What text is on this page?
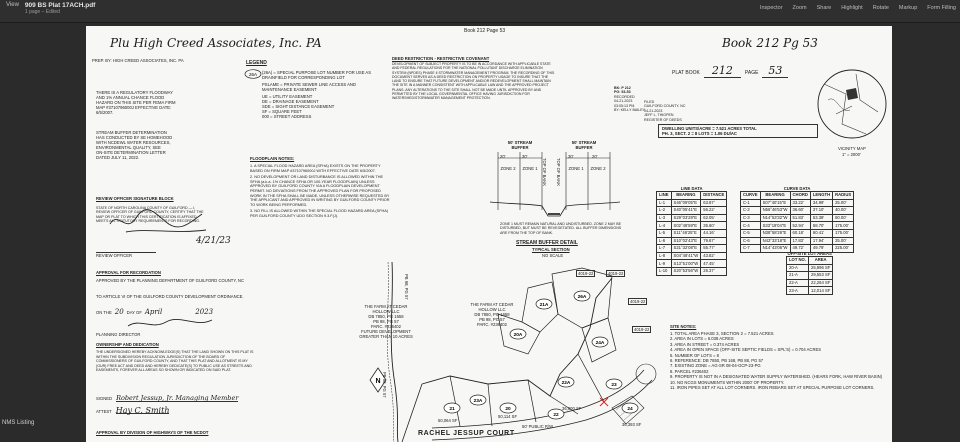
View 909 BS Plat 17ACH.pdf
1 page – Edited
Inspector Zoom Share Highlight Rotate Markup Form Filling
NMS Listing
Book 212 Page 53
Plu High Creed Associates, Inc. PA	Book 212 Pg 53
PREP. BY: HIGH CREED ASSOCIATES, INC. PA
THERE IS A REGULATORY FLOODWAY
AND 1% ANNUAL CHANCE FLOOD
HAZARD ON THIS SITE PER FEMA FIRM
MAP #3710796000J EFFECTIVE DATE:
6/5/2007.
STREAM BUFFER DETERMINATION
HAS CONDUCTED BY SE HOMEHOOD
WITH NCDEWL WATER RESOURCES,
ENVIRONMENTAL QUALITY, SEE
ON-SITE DETERMINATION LETTER
DATED JULY 11, 2022.
REVIEW OFFICER SIGNATURE BLOCK
STATE OF NORTH CAROLINA COUNTY OF GUILFORD — I, REVIEW OFFICER OF GUILFORD COUNTY, CERTIFY THAT THE MAP OR PLAT TO WHICH THIS CERTIFICATION IS AFFIXED MEETS ALL STATUTORY REQUIREMENTS FOR RECORDING.
4/21/23
REVIEW OFFICER
APPROVAL FOR RECORDATION
APPROVED BY THE PLANNING DEPARTMENT OF GUILFORD COUNTY, NC
TO ARTICLE VI OF THE GUILFORD COUNTY DEVELOPMENT ORDINANCE.
ON THE 20 DAY OF April	2023
PLANNING DIRECTOR
OWNERSHIP AND DEDICATION
THE UNDERSIGNED HEREBY ACKNOWLEDGE(S) THAT THE LAND SHOWN ON THIS PLAT IS WITHIN THE SUBDIVISION REGULATION JURISDICTION OF THE BOARD OF COMMISSIONERS OF GUILFORD COUNTY, AND THAT THIS PLAT AND ALLOTMENT IS MY (OUR) FREE ACT AND DEED AND HEREBY DEDICATE(S) TO PUBLIC USE AS STREETS AND EASEMENTS, FOREVER ALL AREAS SO SHOWN OR INDICATED ON SAID PLAT.
SIGNED Robert Jessup, Jr. Managing Member
ATTEST Hay C. Smith
APPROVAL BY DIVISION OF HIGHWAYS OF THE NCDOT
LEGEND
26A (26A) = SPECIAL PURPOSE LOT NUMBER FOR USE AS DRAINFIELD FOR CORRESPONDING LOT
PSLAME = PRIVATE SEWER LINE ACCESS AND MAINTENANCE EASEMENT
UE = UTILITY EASEMENT
DE = DRAINAGE EASEMENT
SDE = SIGHT DISTANCE EASEMENT
SF = SQUARE FEET
000 = STREET ADDRESS
FLOODPLAIN NOTES:
1. A SPECIAL FLOOD HAZARD AREA (SFHA) EXISTS ON THE PROPERTY BASED ON FIRM MAP #3710796000J WITH EFFECTIVE DATE 6/5/2007.
2. NO DEVELOPMENT OR LAND DISTURBANCE IS ALLOWED WITHIN THE SFHA (a.k.a. 1% CHANCE SFHA OR 100-YEAR FLOODPLAIN) UNLESS APPROVED BY GUILFORD COUNTY VIA A FLOODPLAIN DEVELOPMENT PERMIT. NO DEVIATIONS FROM THE APPROVED PLAN FOR PROPOSED WORK IN THE SFHA SHALL BE MADE, UNLESS OTHERWISE REQUESTED BY THE APPLICANT AND APPROVED IN WRITING BY GUILFORD COUNTY PRIOR TO WORK BEING PERFORMED.
3. NO FILL IS ALLOWED WITHIN THE SPECIAL FLOOD HAZARD AREA (SFHA) PER GUILFORD COUNTY UDO SECTION 9.3.F(J).
DEED RESTRICTION - RESTRICTIVE COVENANT
DEVELOPMENT OF SUBJECT PROPERTY IS TO BE IN ACCORDANCE WITH APPLICABLE STATE AND FEDERAL REGULATIONS FOR THE NATIONAL POLLUTANT DISCHARGE ELIMINATION SYSTEM (NPDES) PHASE II STORMWATER MANAGEMENT PROGRAM. THE RECORDING OF THIS DOCUMENT SERVES AS A DEED RESTRICTION ON PROPERTY USAGE TO INSURE THAT THE LAND TO ENSURE THAT FUTURE DEVELOPMENT AND/OR REDEVELOPMENT SHALL MAINTAIN THE SITE IN A MANNER CONSISTENT WITH APPLICABLE LAW AND THE APPROVED PROJECT PLANS. ANY ALTERATIONS TO THE SITE SHALL NOT BE MADE UNTIL APPROVED BY AND PERMITTED BY THE LOCAL GOVERNMENTAL OFFICE HAVING JURISDICTION FOR WATERSHED/STORMWATER MANAGEMENT PROTECTION.
BK: P 212
PG: 53-53
RECORDED
04-21-2023
03:05:13 PM
BY: KELLY BAILEY
FILED
GUILFORD COUNTY, NC
04-21-2023
JEFF L. THIGPEN
REGISTER OF DEEDS
PLAT BOOK	212	PAGE 53
DWELLING UNITS/ACRE = 7.521 ACRES TOTAL
PH. 3, SECT. 2 = 8 LOTS = 1.06 DU/AC
VICINITY MAP
1" = 2000'
50' STREAM BUFFER
50' STREAM BUFFER
20'	30'	30'	20'
ZONE 2 ZONE 1	ZONE 1 ZONE 2
TOP OF BANK TOP OF BANK
ZONE 1 MUST REMAIN NATURAL AND UNDISTURBED. ZONE 2 MAY BE DISTURBED, BUT MUST BE REVEGETATED. ALL BUFFER DIMENSIONS ARE FROM THE TOP OF BANK.
STREAM BUFFER DETAIL
TYPICAL SECTION
NO SCALE
LINE DATA
LINE	BEARING	DISTANCE
L-1	S46°09'05"E	63.87'
L-2	S40°05'41"E	56.22'
L-3	S29°03'29"E	62.05'
L-4	S02°48'59"E	35.60'
L-5	S11°46'25"E	44.16'
L-6	S10°02'43"E	79.67'
L-7	S21°32'08"E	55.77'
L-8	S04°48'41"W	43.82'
L-9	S13°51'00"W	47.45'
L-10	S20°53'56"W	26.37'
CURVE DATA
CURVE	BEARING	CHORD	LENGTH	RADIUS
C-1	S07°40'15"E	33.22'	34.99'	25.00'
C-2	N56°46'53"W	36.60'	37.10'	40.00'
C-3	N14°53'32"W	51.83'	53.39'	60.00'
C-4	S33°19'04"E	52.94'	58.70'	175.00'
C-5	N38°58'26"E	60.18'	60.41'	175.00'
C-6	N43°33'18"E	17.83'	17.94'	25.00'
C-7	N14°43'06"W	49.72'	49.79'	225.00'
OFF-SITE LOT AREAS
LOT NO.	AREA
20-A	25,996 SF
21-A	29,553 SF
22-A	22,264 SF
23-A	12,014 SF
SITE NOTES:
1. TOTAL AREA PHASE 3, SECTION 2 = 7.521 ACRES
2. AREA IN LOTS = 6.038 ACRES
3. AREA IN STREET = 0.374 ACRES
4. AREA IN OPEN SPACE (OFF-SITE SEPTIC FIELDS = SPL'S) = 0.704 ACRES
5. NUMBER OF LOTS = 8
6. REFERENCE: DB 7850, PB 168, PB 88, PG 57
7. EXISTING ZONE = AG-SR 08-04-GCP-23-PG
8. PARCEL #236402
9. PROPERTY IS NOT IN A DESIGNATED WATER SUPPLY WATERSHED. (HEARS FORK, HAW RIVER BASIN)
10. NO NCGS MONUMENTS WITHIN 2000' OF PROPERTY.
11. IRON PIPES SET AT ALL LOT CORNERS. IRON REBARS SET AT SPECIAL PURPOSE LOT CORNERS.
N
26A
21A
24A
20A
22A
23A
21	20
22
23
24
THE FARM AT CEDAR
HOLLOW LLC
DB 7850, PG 1658
PB 98, PG 57
PARC. #236402
THE FARM AT CEDAR
HOLLOW LLC
DB 7850, PG 1658
PB 98, PG 57
PARC. #236402
FUTURE DEVELOPMENT
GREATER THAN 10 ACRES
RACHEL JESSUP COURT
50' PUBLIC R/W
PB 98, PG 57
PB 98, PG 57
50,064 SF
50,114 SF
36,600 SF
36,393 SF
4019-22	4019-22
4019-22
4019-22
